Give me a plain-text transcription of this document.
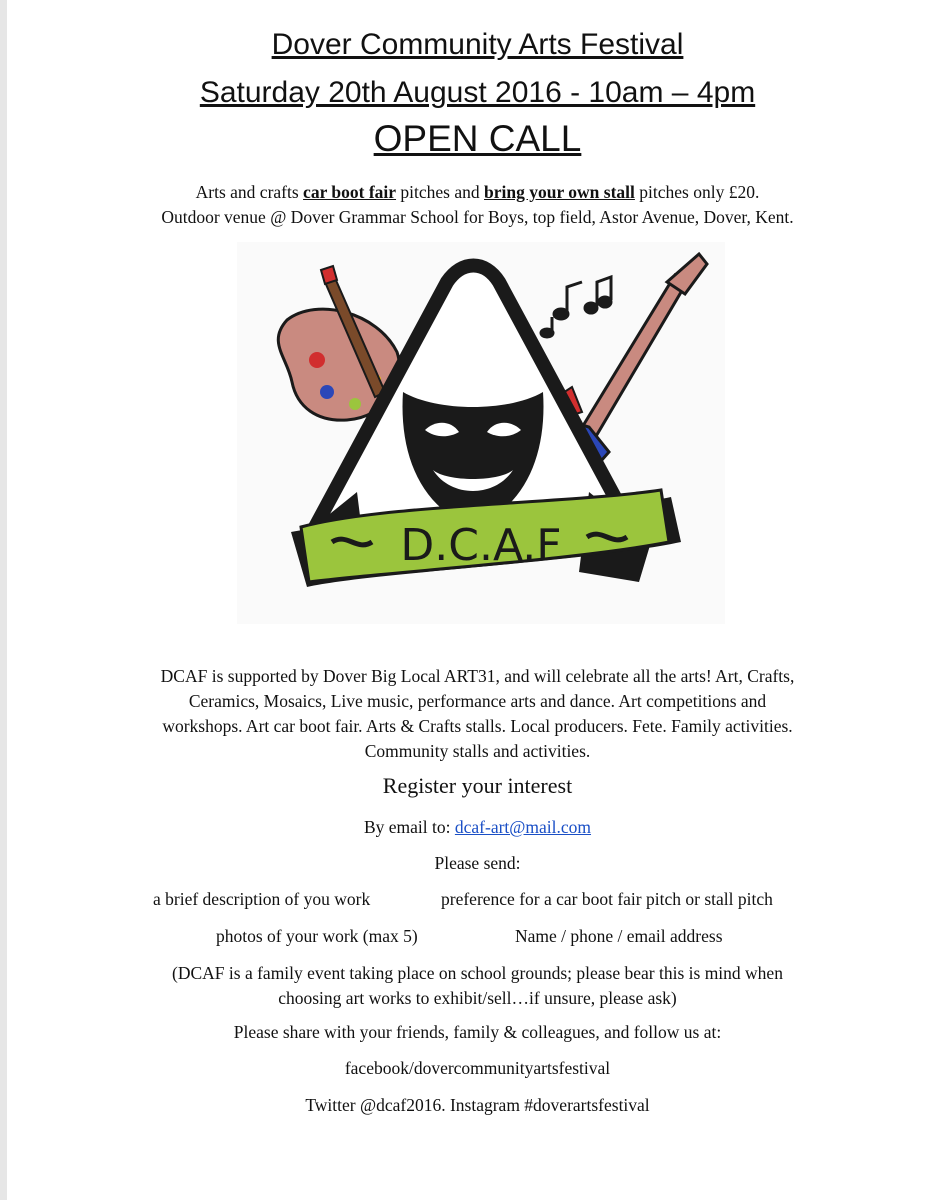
Dover Community Arts Festival
Saturday 20th August 2016 - 10am – 4pm
OPEN CALL
Arts and crafts car boot fair pitches and bring your own stall pitches only £20.
Outdoor venue @ Dover Grammar School for Boys, top field, Astor Avenue, Dover, Kent.
D.C.A.F
DCAF is supported by Dover Big Local ART31, and will celebrate all the arts! Art, Crafts,
Ceramics, Mosaics, Live music, performance arts and dance. Art competitions and
workshops. Art car boot fair. Arts & Crafts stalls. Local producers. Fete. Family activities.
Community stalls and activities.
Register your interest
By email to: dcaf-art@mail.com
Please send:
a brief description of you work	preference for a car boot fair pitch or stall pitch
photos of your work (max 5)	Name / phone / email address
(DCAF is a family event taking place on school grounds; please bear this is mind when
choosing art works to exhibit/sell…if unsure, please ask)
Please share with your friends, family & colleagues, and follow us at:
facebook/dovercommunityartsfestival
Twitter @dcaf2016. Instagram #doverartsfestival
